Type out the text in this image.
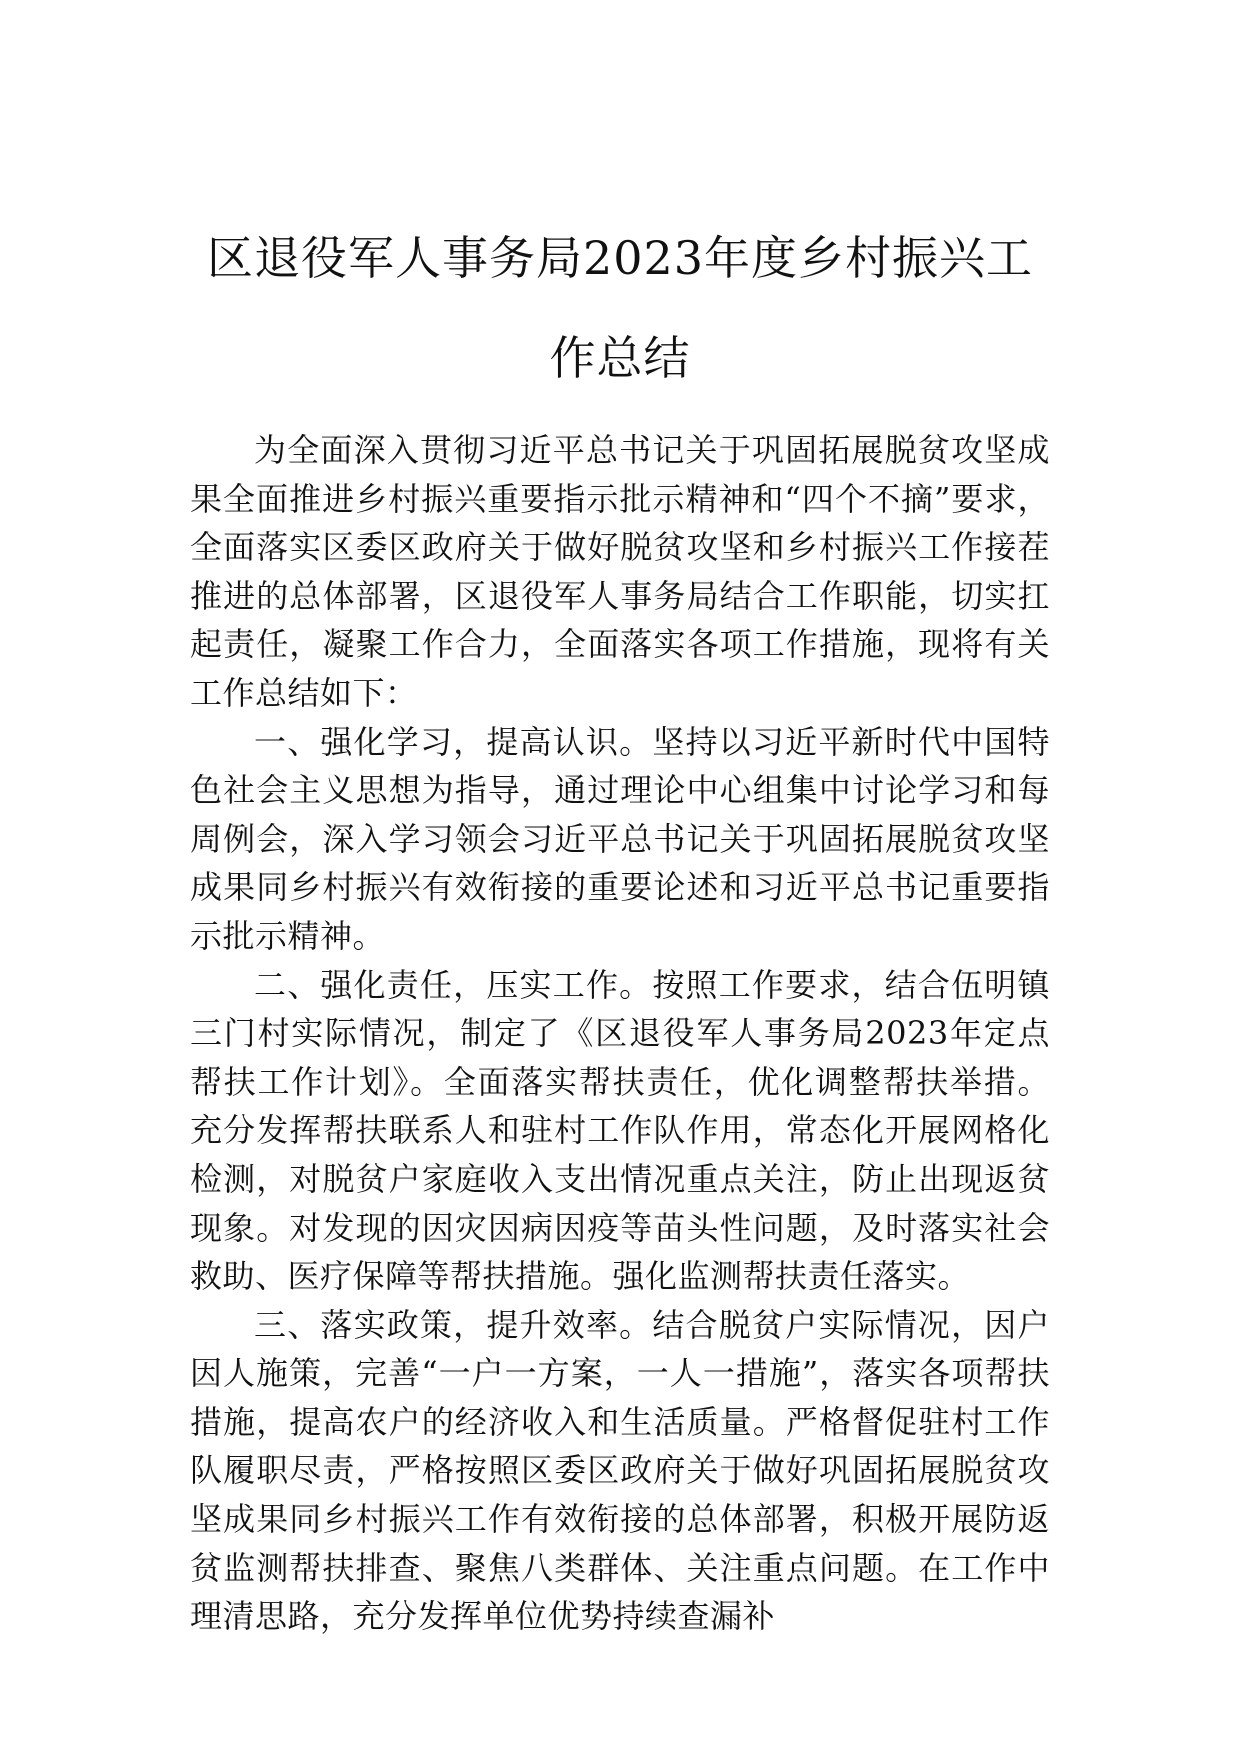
区退役军人事务局2023年度乡村振兴工作总结

为全面深入贯彻习近平总书记关于巩固拓展脱贫攻坚成果全面推进乡村振兴重要指示批示精神和“四个不摘”要求，全面落实区委区政府关于做好脱贫攻坚和乡村振兴工作接茬推进的总体部署，区退役军人事务局结合工作职能，切实扛起责任，凝聚工作合力，全面落实各项工作措施，现将有关工作总结如下：

一、强化学习，提高认识。坚持以习近平新时代中国特色社会主义思想为指导，通过理论中心组集中讨论学习和每周例会，深入学习领会习近平总书记关于巩固拓展脱贫攻坚成果同乡村振兴有效衔接的重要论述和习近平总书记重要指示批示精神。

二、强化责任，压实工作。按照工作要求，结合伍明镇三门村实际情况，制定了《区退役军人事务局2023年定点帮扶工作计划》。全面落实帮扶责任，优化调整帮扶举措。充分发挥帮扶联系人和驻村工作队作用，常态化开展网格化检测，对脱贫户家庭收入支出情况重点关注，防止出现返贫现象。对发现的因灾因病因疫等苗头性问题，及时落实社会救助、医疗保障等帮扶措施。强化监测帮扶责任落实。

三、落实政策，提升效率。结合脱贫户实际情况，因户因人施策，完善“一户一方案，一人一措施”，落实各项帮扶措施，提高农户的经济收入和生活质量。严格督促驻村工作队履职尽责，严格按照区委区政府关于做好巩固拓展脱贫攻坚成果同乡村振兴工作有效衔接的总体部署，积极开展防返贫监测帮扶排查、聚焦八类群体、关注重点问题。在工作中理清思路，充分发挥单位优势持续查漏补
